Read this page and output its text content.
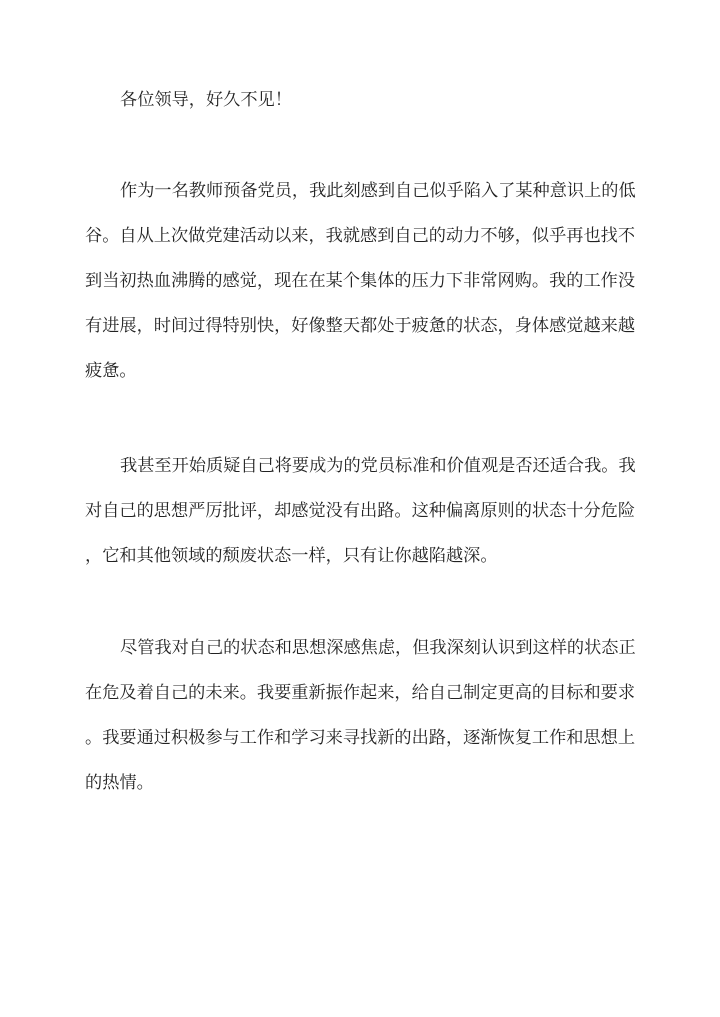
各位领导，好久不见！

作为一名教师预备党员，我此刻感到自己似乎陷入了某种意识上的低

谷。自从上次做党建活动以来，我就感到自己的动力不够，似乎再也找不

到当初热血沸腾的感觉，现在在某个集体的压力下非常网购。我的工作没

有进展，时间过得特别快，好像整天都处于疲惫的状态，身体感觉越来越

疲惫。

我甚至开始质疑自己将要成为的党员标准和价值观是否还适合我。我

对自己的思想严厉批评，却感觉没有出路。这种偏离原则的状态十分危险

，它和其他领域的颓废状态一样，只有让你越陷越深。

尽管我对自己的状态和思想深感焦虑，但我深刻认识到这样的状态正

在危及着自己的未来。我要重新振作起来，给自己制定更高的目标和要求

。我要通过积极参与工作和学习来寻找新的出路，逐渐恢复工作和思想上

的热情。
